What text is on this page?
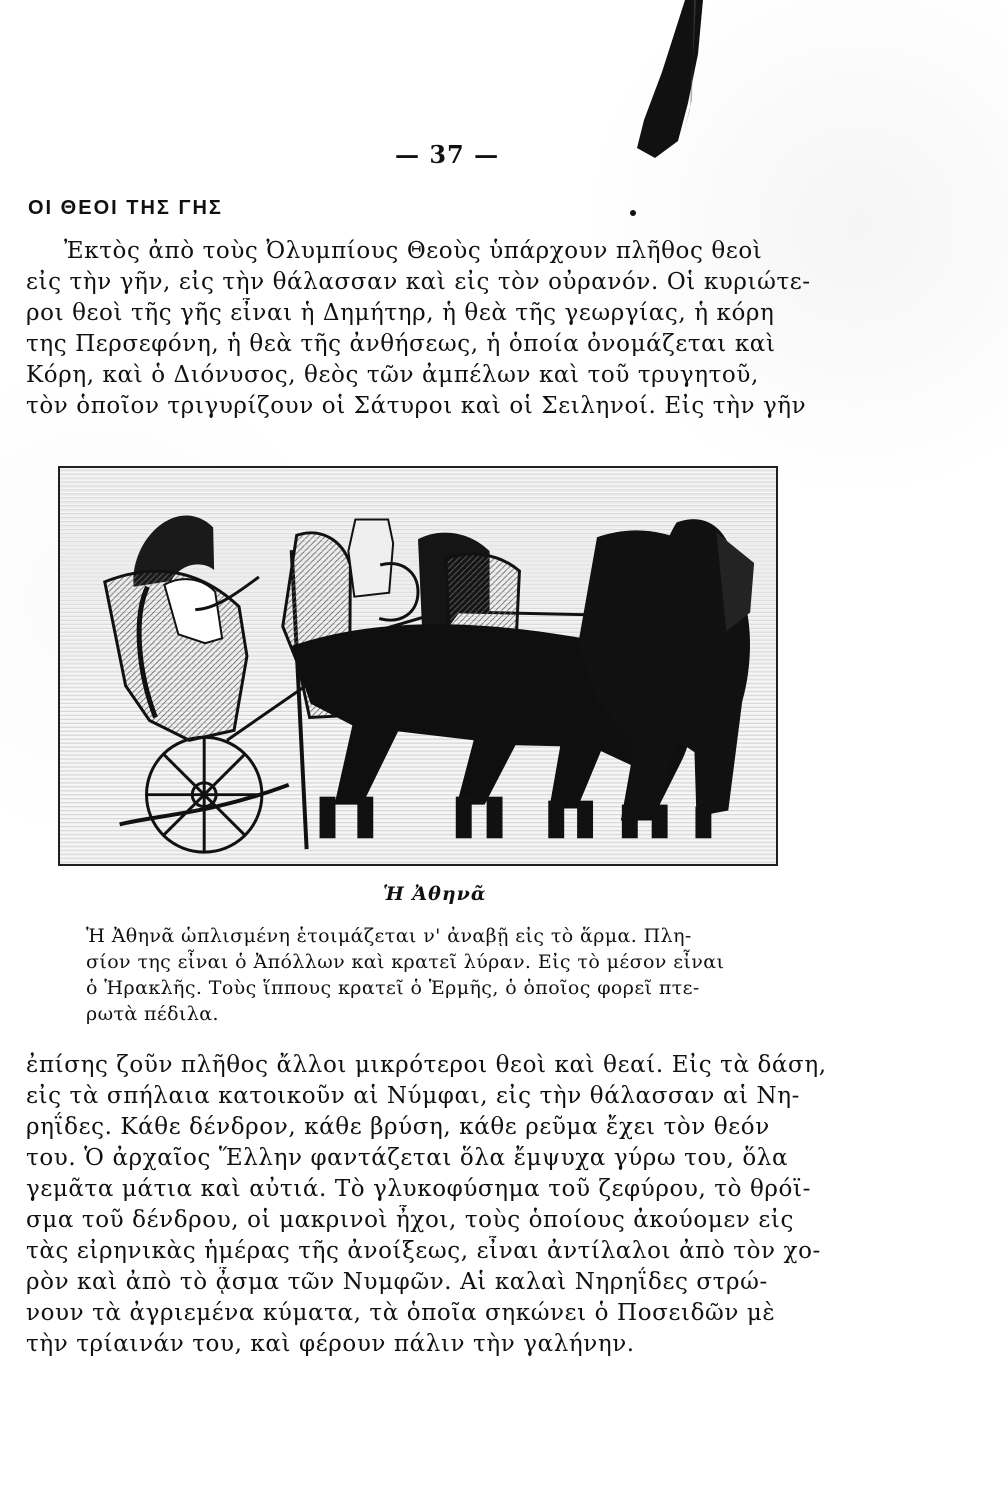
— 37 —
ΟΙ ΘΕΟΙ ΤΗΣ ΓΗΣ
Ἐκτὸς ἀπὸ τοὺς Ὀλυμπίους Θεοὺς ὑπάρχουν πλῆθος θεοὶ
εἰς τὴν γῆν, εἰς τὴν θάλασσαν καὶ εἰς τὸν οὐρανόν. Οἱ κυριώτε-
ροι θεοὶ τῆς γῆς εἶναι ἡ Δημήτηρ, ἡ θεὰ τῆς γεωργίας, ἡ κόρη
της Περσεφόνη, ἡ θεὰ τῆς ἀνθήσεως, ἡ ὁποία ὀνομάζεται καὶ
Κόρη, καὶ ὁ Διόνυσος, θεὸς τῶν ἀμπέλων καὶ τοῦ τρυγητοῦ,
τὸν ὁποῖον τριγυρίζουν οἱ Σάτυροι καὶ οἱ Σειληνοί. Εἰς τὴν γῆν
Ἡ Ἀθηνᾶ
Ἡ Ἀθηνᾶ ὡπλισμένη ἑτοιμάζεται ν' ἀναβῇ εἰς τὸ ἅρμα. Πλη-
σίον της εἶναι ὁ Ἀπόλλων καὶ κρατεῖ λύραν. Εἰς τὸ μέσον εἶναι
ὁ Ἡρακλῆς. Τοὺς ἵππους κρατεῖ ὁ Ἑρμῆς, ὁ ὁποῖος φορεῖ πτε-
ρωτὰ πέδιλα.
ἐπίσης ζοῦν πλῆθος ἄλλοι μικρότεροι θεοὶ καὶ θεαί. Εἰς τὰ δάση,
εἰς τὰ σπήλαια κατοικοῦν αἱ Νύμφαι, εἰς τὴν θάλασσαν αἱ Νη-
ρηΐδες. Κάθε δένδρον, κάθε βρύση, κάθε ρεῦμα ἔχει τὸν θεόν
του. Ὁ ἀρχαῖος Ἕλλην φαντάζεται ὅλα ἔμψυχα γύρω του, ὅλα
γεμᾶτα μάτια καὶ αὐτιά. Τὸ γλυκοφύσημα τοῦ ζεφύρου, τὸ θρόϊ-
σμα τοῦ δένδρου, οἱ μακρινοὶ ἦχοι, τοὺς ὁποίους ἀκούομεν εἰς
τὰς εἰρηνικὰς ἡμέρας τῆς ἀνοίξεως, εἶναι ἀντίλαλοι ἀπὸ τὸν χο-
ρὸν καὶ ἀπὸ τὸ ᾆσμα τῶν Νυμφῶν. Αἱ καλαὶ Νηρηΐδες στρώ-
νουν τὰ ἀγριεμένα κύματα, τὰ ὁποῖα σηκώνει ὁ Ποσειδῶν μὲ
τὴν τρίαινάν του, καὶ φέρουν πάλιν τὴν γαλήνην.
